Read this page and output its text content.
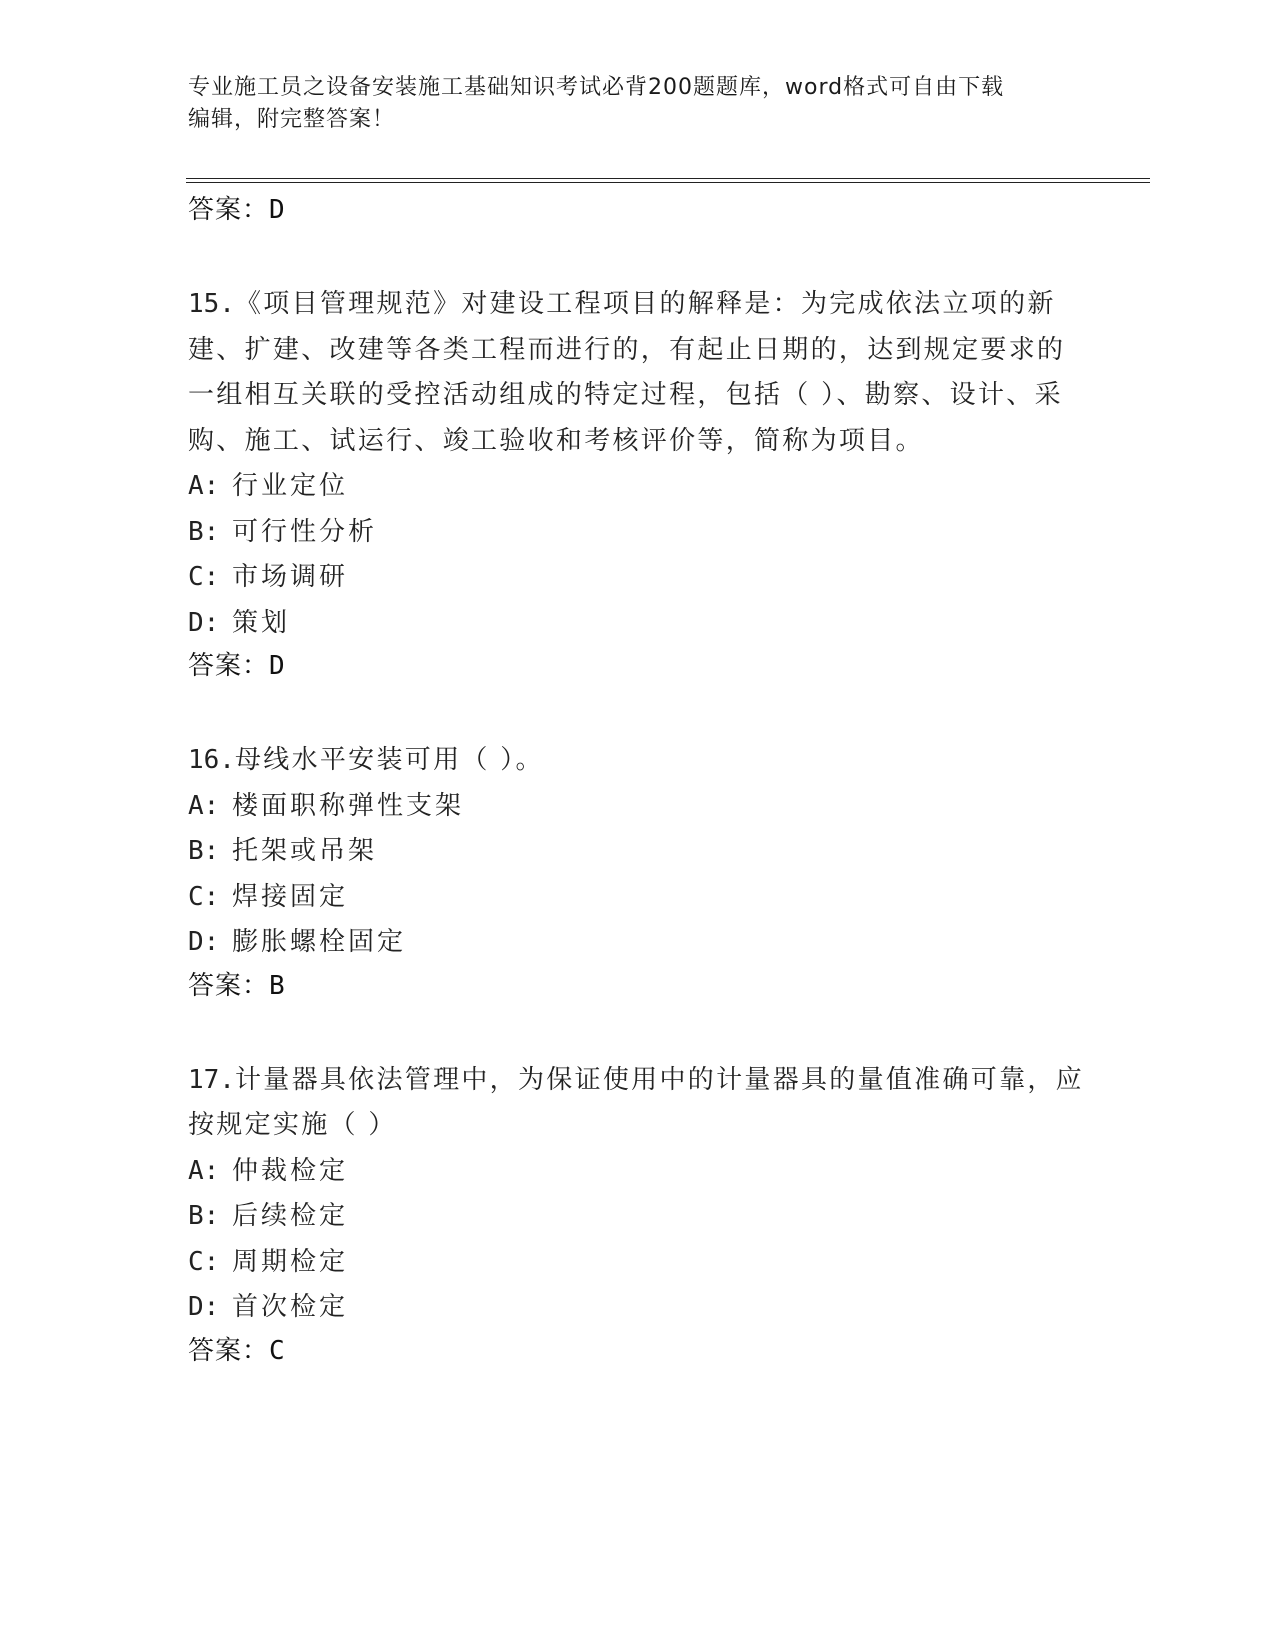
专业施工员之设备安装施工基础知识考试必背200题题库，word格式可自由下载
编辑，附完整答案！
答案：D

15.《项目管理规范》对建设工程项目的解释是：为完成依法立项的新建、扩建、改建等各类工程而进行的，有起止日期的，达到规定要求的一组相互关联的受控活动组成的特定过程，包括（ ）、勘察、设计、采购、施工、试运行、竣工验收和考核评价等，简称为项目。

A: 行业定位
B: 可行性分析
C: 市场调研
D: 策划
答案：D

16.母线水平安装可用（ ）。

A: 楼面职称弹性支架
B: 托架或吊架
C: 焊接固定
D: 膨胀螺栓固定
答案：B

17.计量器具依法管理中，为保证使用中的计量器具的量值准确可靠，应按规定实施（ ）

A: 仲裁检定
B: 后续检定
C: 周期检定
D: 首次检定
答案：C
